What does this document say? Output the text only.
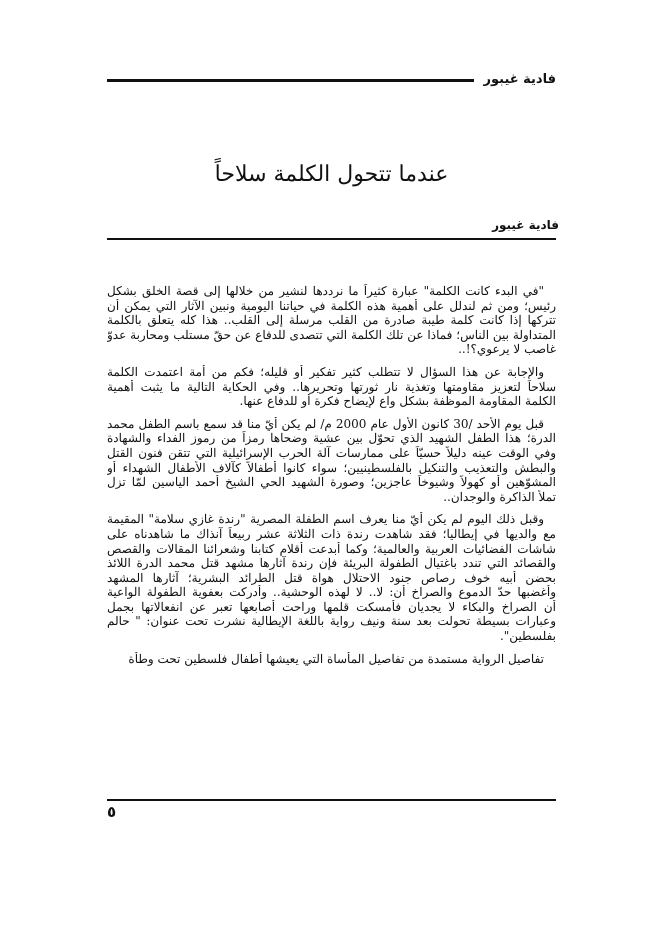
فادية غيبور
عندما تتحول الكلمة سلاحاً
فادية غيبور
"في البدء كانت الكلمة" عبارة كثيراً ما نرددها لنشير من خلالها إلى قصة الخلق بشكل
رئيس؛ ومن ثم لندلل على أهمية هذه الكلمة في حياتنا اليومية ونبين الآثار التي يمكن أن
تتركها إذا كانت كلمة طيبة صادرة من القلب مرسلة إلى القلب.. هذا كله يتعلق بالكلمة
المتداولة بين الناس؛ فماذا عن تلك الكلمة التي تتصدى للدفاع عن حقّ مستلب ومحاربة عدوّ
غاصب لا يرعوي؟!..
والإجابة عن هذا السؤال لا تتطلب كثير تفكير أو قليله؛ فكم من أمة اعتمدت الكلمة
سلاحاً لتعزيز مقاومتها وتغذية نار ثورتها وتحريرها.. وفي الحكاية التالية ما يثبت أهمية
الكلمة المقاومة الموظفة بشكل واع لإيضاح فكرة أو للدفاع عنها.
قبل يوم الأحد /30 كانون الأول عام 2000 م/ لم يكن أيّ منا قد سمع باسم الطفل محمد
الدرة؛ هذا الطفل الشهيد الذي تحوّل بين عشية وضحاها رمزاً من رموز الفداء والشهادة
وفي الوقت عينه دليلاً حسيّاً على ممارسات آلة الحرب الإسرائيلية التي تتقن فنون القتل
والبطش والتعذيب والتنكيل بالفلسطينيين؛ سواء كانوا أطفالاً كآلاف الأطفال الشهداء أو
المشوّهين أو كهولاً وشيوخاً عاجزين؛ وصورة الشهيد الحي الشيخ أحمد الياسين لمّا تزل
تملأ الذاكرة والوجدان..
وقبل ذلك اليوم لم يكن أيّ منا يعرف اسم الطفلة المصرية "رندة غازي سلامة" المقيمة
مع والديها في إيطاليا؛ فقد شاهدت رندة ذات الثلاثة عشر ربيعاً آنذاك ما شاهدناه على
شاشات الفضائيات العربية والعالمية؛ وكما أبدعت أقلام كتابنا وشعرائنا المقالات والقصص
والقصائد التي تندد باغتيال الطفولة البريئة فإن رندة آثارها مشهد قتل محمد الدرة اللائذ
بحضن أبيه خوف رصاص جنود الاحتلال هواة قتل الطرائد البشرية؛ آثارها المشهد
وأغضبها حدّ الدموع والصراخ أن: لا.. لا لهذه الوحشية.. وأدركت بعفوية الطفولة الواعية
أن الصراخ والبكاء لا يجديان فأمسكت قلمها وراحت أصابعها تعبر عن انفعالاتها بجمل
وعبارات بسيطة تحولت بعد سنة ونيف رواية باللغة الإيطالية نشرت تحت عنوان: " حالم
بفلسطين".
تفاصيل الرواية مستمدة من تفاصيل المأساة التي يعيشها أطفال فلسطين تحت وطأة
٥
